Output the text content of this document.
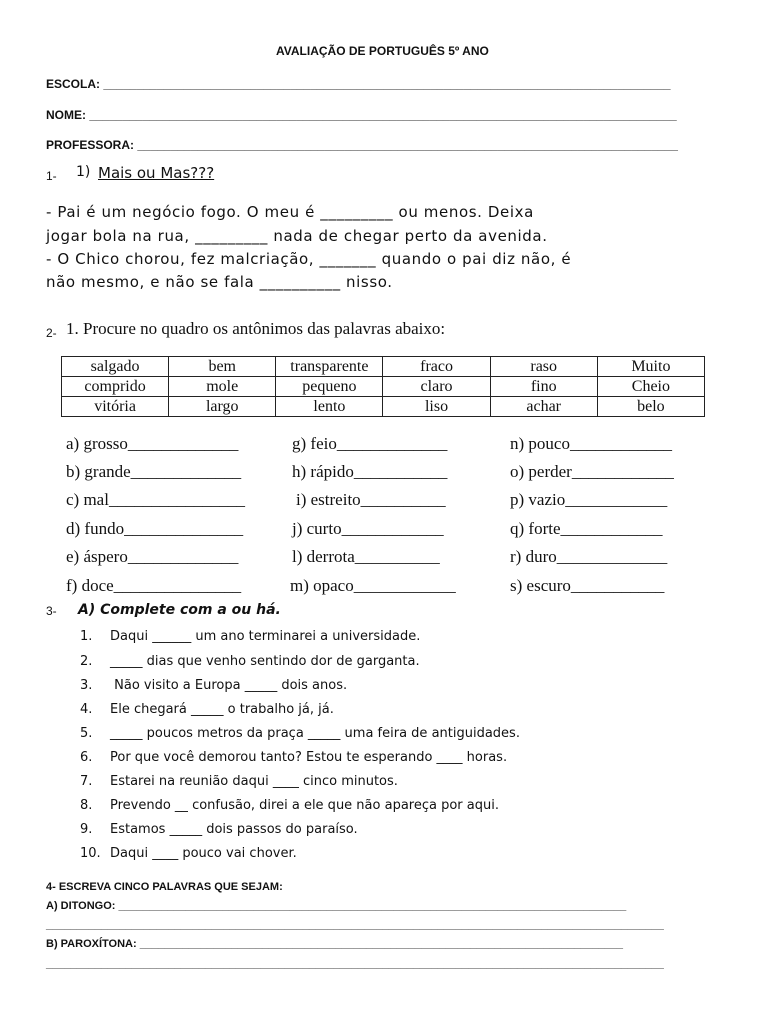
AVALIAÇÃO DE PORTUGUÊS 5º ANO
ESCOLA: _____________________________________________________________________________________
NOME: ________________________________________________________________________________________
PROFESSORA: _________________________________________________________________________________
1- 1) Mais ou Mas???
- Pai é um negócio fogo. O meu é _________ ou menos. Deixa
jogar bola na rua, _________ nada de chegar perto da avenida.
- O Chico chorou, fez malcriação, _______ quando o pai diz não, é
não mesmo, e não se fala __________ nisso.
2- 1. Procure no quadro os antônimos das palavras abaixo:
salgado	bem	transparente	fraco	raso	Muito
comprido	mole	pequeno	claro	fino	Cheio
vitória	largo	lento	liso	achar	belo
a) grosso_____________	g) feio_____________	n) pouco____________
b) grande_____________	h) rápido___________	o) perder____________
c) mal________________	i) estreito__________	p) vazio____________
d) fundo______________	j) curto____________	q) forte____________
e) áspero_____________	l) derrota__________	r) duro_____________
f) doce_______________	m) opaco____________	s) escuro___________
3- A) Complete com a ou há.
1. Daqui ______ um ano terminarei a universidade.
2. _____ dias que venho sentindo dor de garganta.
3. Não visito a Europa _____ dois anos.
4. Ele chegará _____ o trabalho já, já.
5. _____ poucos metros da praça _____ uma feira de antiguidades.
6. Por que você demorou tanto? Estou te esperando ____ horas.
7. Estarei na reunião daqui ____ cinco minutos.
8. Prevendo __ confusão, direi a ele que não apareça por aqui.
9. Estamos _____ dois passos do paraíso.
10. Daqui ____ pouco vai chover.
4- ESCREVA CINCO PALAVRAS QUE SEJAM:
A) DITONGO: ___________________________________________________________________________________
_____________________________________________________________________________________________________
B) PAROXÍTONA: _______________________________________________________________________________
_____________________________________________________________________________________________________
